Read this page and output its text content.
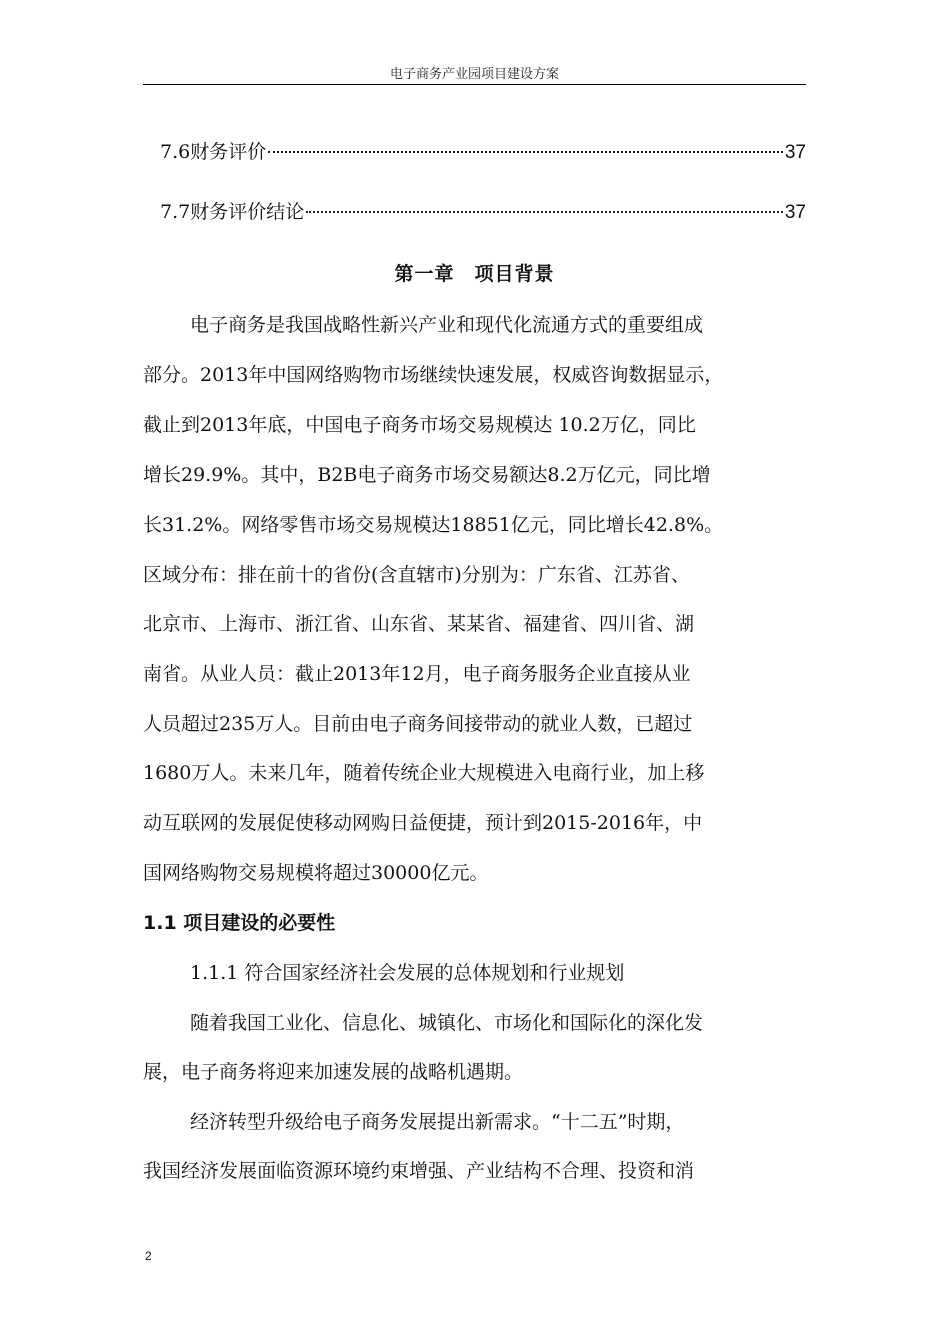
电子商务产业园项目建设方案
7.6财务评价	37
7.7财务评价结论	37
第一章　项目背景
电子商务是我国战略性新兴产业和现代化流通方式的重要组成
部分。2013年中国网络购物市场继续快速发展，权威咨询数据显示，
截止到2013年底，中国电子商务市场交易规模达 10.2万亿，同比
增长29.9%。其中，B2B电子商务市场交易额达8.2万亿元，同比增
长31.2%。网络零售市场交易规模达18851亿元，同比增长42.8%。
区域分布：排在前十的省份(含直辖市)分别为：广东省、江苏省、
北京市、上海市、浙江省、山东省、某某省、福建省、四川省、湖
南省。从业人员：截止2013年12月，电子商务服务企业直接从业
人员超过235万人。目前由电子商务间接带动的就业人数，已超过
1680万人。未来几年，随着传统企业大规模进入电商行业，加上移
动互联网的发展促使移动网购日益便捷，预计到2015-2016年，中
国网络购物交易规模将超过30000亿元。
1.1 项目建设的必要性
1.1.1 符合国家经济社会发展的总体规划和行业规划
随着我国工业化、信息化、城镇化、市场化和国际化的深化发
展，电子商务将迎来加速发展的战略机遇期。
经济转型升级给电子商务发展提出新需求。“十二五”时期，
我国经济发展面临资源环境约束增强、产业结构不合理、投资和消
2
